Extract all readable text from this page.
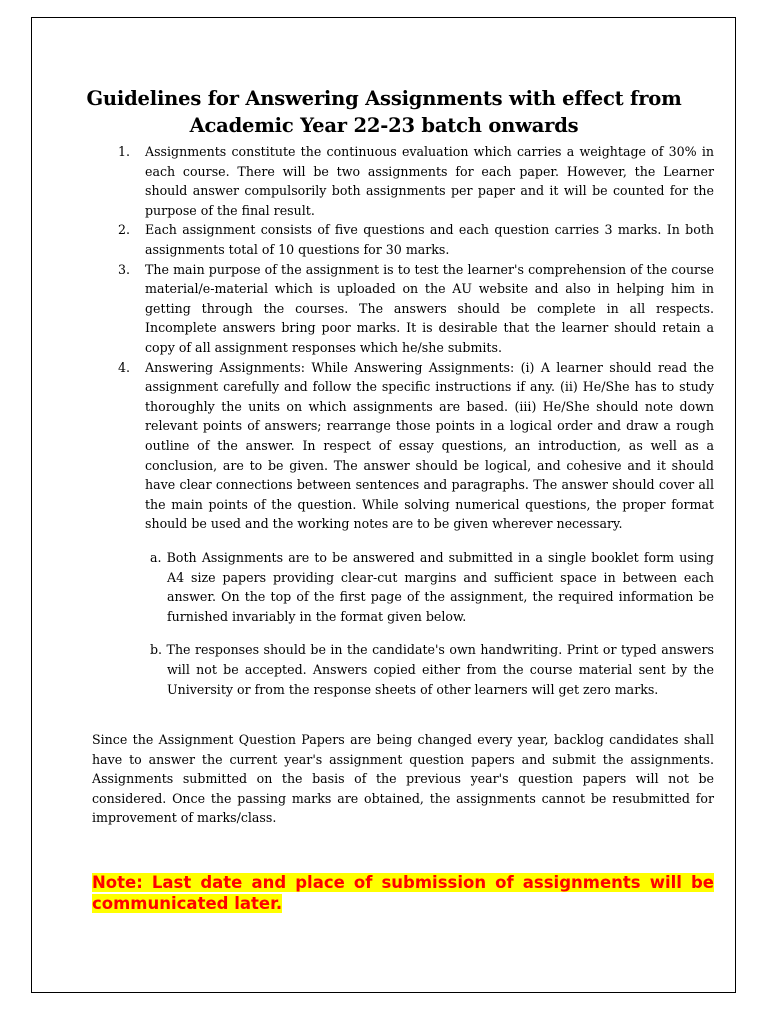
Guidelines for Answering Assignments with effect from Academic Year 22-23 batch onwards
1.	Assignments constitute the continuous evaluation which carries a weightage of 30% in each course. There will be two assignments for each paper. However, the Learner should answer compulsorily both assignments per paper and it will be counted for the purpose of the final result.
2.	Each assignment consists of five questions and each question carries 3 marks. In both assignments total of 10 questions for 30 marks.
3.	The main purpose of the assignment is to test the learner's comprehension of the course material/e-material which is uploaded on the AU website and also in helping him in getting through the courses. The answers should be complete in all respects. Incomplete answers bring poor marks. It is desirable that the learner should retain a copy of all assignment responses which he/she submits.
4.	Answering Assignments: While Answering Assignments: (i) A learner should read the assignment carefully and follow the specific instructions if any. (ii) He/She has to study thoroughly the units on which assignments are based. (iii) He/She should note down relevant points of answers; rearrange those points in a logical order and draw a rough outline of the answer. In respect of essay questions, an introduction, as well as a conclusion, are to be given. The answer should be logical, and cohesive and it should have clear connections between sentences and paragraphs. The answer should cover all the main points of the question. While solving numerical questions, the proper format should be used and the working notes are to be given wherever necessary.
a. Both Assignments are to be answered and submitted in a single booklet form using A4 size papers providing clear-cut margins and sufficient space in between each answer. On the top of the first page of the assignment, the required information be furnished invariably in the format given below.
b. The responses should be in the candidate's own handwriting. Print or typed answers will not be accepted. Answers copied either from the course material sent by the University or from the response sheets of other learners will get zero marks.

Since the Assignment Question Papers are being changed every year, backlog candidates shall have to answer the current year's assignment question papers and submit the assignments. Assignments submitted on the basis of the previous year's question papers will not be considered. Once the passing marks are obtained, the assignments cannot be resubmitted for improvement of marks/class.

Note: Last date and place of submission of assignments will be communicated later.
